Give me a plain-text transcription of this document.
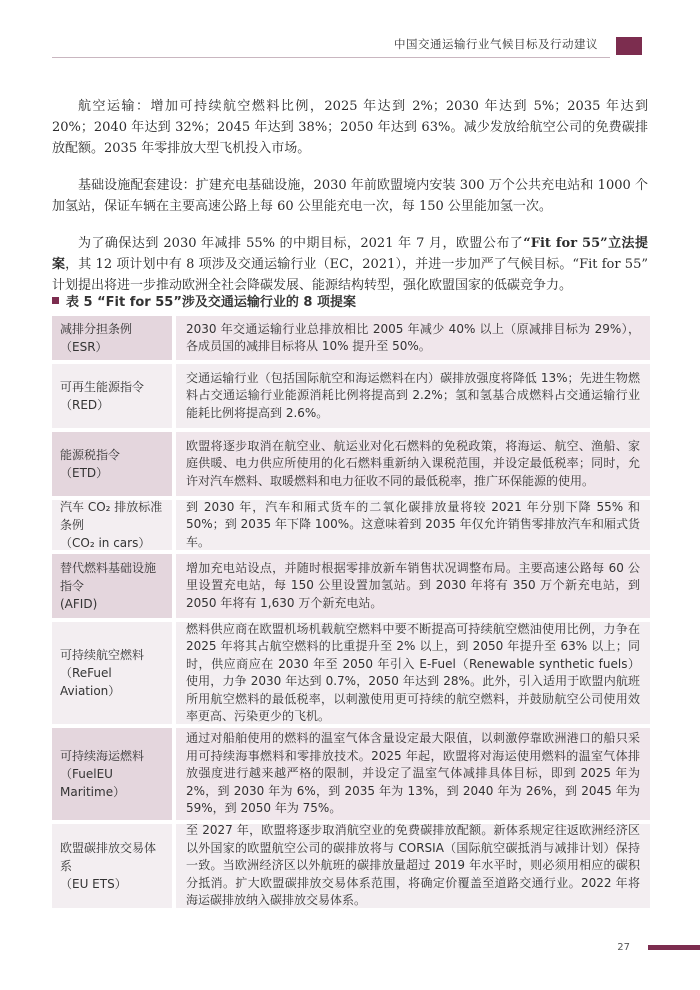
中国交通运输行业气候目标及行动建议

航空运输：增加可持续航空燃料比例，2025 年达到 2%；2030 年达到 5%；2035 年达到 20%；2040 年达到 32%；2045 年达到 38%；2050 年达到 63%。减少发放给航空公司的免费碳排放配额。2035 年零排放大型飞机投入市场。

基础设施配套建设：扩建充电基础设施，2030 年前欧盟境内安装 300 万个公共充电站和 1000 个加氢站，保证车辆在主要高速公路上每 60 公里能充电一次，每 150 公里能加氢一次。

为了确保达到 2030 年减排 55% 的中期目标，2021 年 7 月，欧盟公布了“Fit for 55”立法提案，其 12 项计划中有 8 项涉及交通运输行业（EC，2021），并进一步加严了气候目标。“Fit for 55” 计划提出将进一步推动欧洲全社会降碳发展、能源结构转型，强化欧盟国家的低碳竞争力。

表 5 “Fit for 55”涉及交通运输行业的 8 项提案
减排分担条例
（ESR）
2030 年交通运输行业总排放相比 2005 年减少 40% 以上（原减排目标为 29%），各成员国的减排目标将从 10% 提升至 50%。
可再生能源指令
（RED）
交通运输行业（包括国际航空和海运燃料在内）碳排放强度将降低 13%；先进生物燃料占交通运输行业能源消耗比例将提高到 2.2%；氢和氢基合成燃料占交通运输行业能耗比例将提高到 2.6%。
能源税指令
（ETD）
欧盟将逐步取消在航空业、航运业对化石燃料的免税政策，将海运、航空、渔船、家庭供暖、电力供应所使用的化石燃料重新纳入课税范围，并设定最低税率；同时，允许对汽车燃料、取暖燃料和电力征收不同的最低税率，推广环保能源的使用。
汽车 CO₂ 排放标准条例
（CO₂ in cars）
到 2030 年，汽车和厢式货车的二氧化碳排放量将较 2021 年分别下降 55% 和 50%；到 2035 年下降 100%。这意味着到 2035 年仅允许销售零排放汽车和厢式货车。
替代燃料基础设施指令
(AFID)
增加充电站设点，并随时根据零排放新车销售状况调整布局。主要高速公路每 60 公里设置充电站，每 150 公里设置加氢站。到 2030 年将有 350 万个新充电站，到 2050 年将有 1,630 万个新充电站。
可持续航空燃料
（ReFuel Aviation）
燃料供应商在欧盟机场机载航空燃料中要不断提高可持续航空燃油使用比例，力争在 2025 年将其占航空燃料的比重提升至 2% 以上，到 2050 年提升至 63% 以上；同时，供应商应在 2030 年至 2050 年引入 E-Fuel（Renewable synthetic fuels）使用，力争 2030 年达到 0.7%，2050 年达到 28%。此外，引入适用于欧盟内航班所用航空燃料的最低税率，以刺激使用更可持续的航空燃料，并鼓励航空公司使用效率更高、污染更少的飞机。
可持续海运燃料
（FuelEU Maritime）
通过对船舶使用的燃料的温室气体含量设定最大限值，以刺激停靠欧洲港口的船只采用可持续海事燃料和零排放技术。2025 年起，欧盟将对海运使用燃料的温室气体排放强度进行越来越严格的限制，并设定了温室气体减排具体目标，即到 2025 年为 2%，到 2030 年为 6%，到 2035 年为 13%，到 2040 年为 26%，到 2045 年为 59%，到 2050 年为 75%。
欧盟碳排放交易体系
（EU ETS）
至 2027 年，欧盟将逐步取消航空业的免费碳排放配额。新体系规定往返欧洲经济区以外国家的欧盟航空公司的碳排放将与 CORSIA（国际航空碳抵消与减排计划）保持一致。当欧洲经济区以外航班的碳排放量超过 2019 年水平时，则必须用相应的碳积分抵消。扩大欧盟碳排放交易体系范围，将确定价覆盖至道路交通行业。2022 年将海运碳排放纳入碳排放交易体系。
27
